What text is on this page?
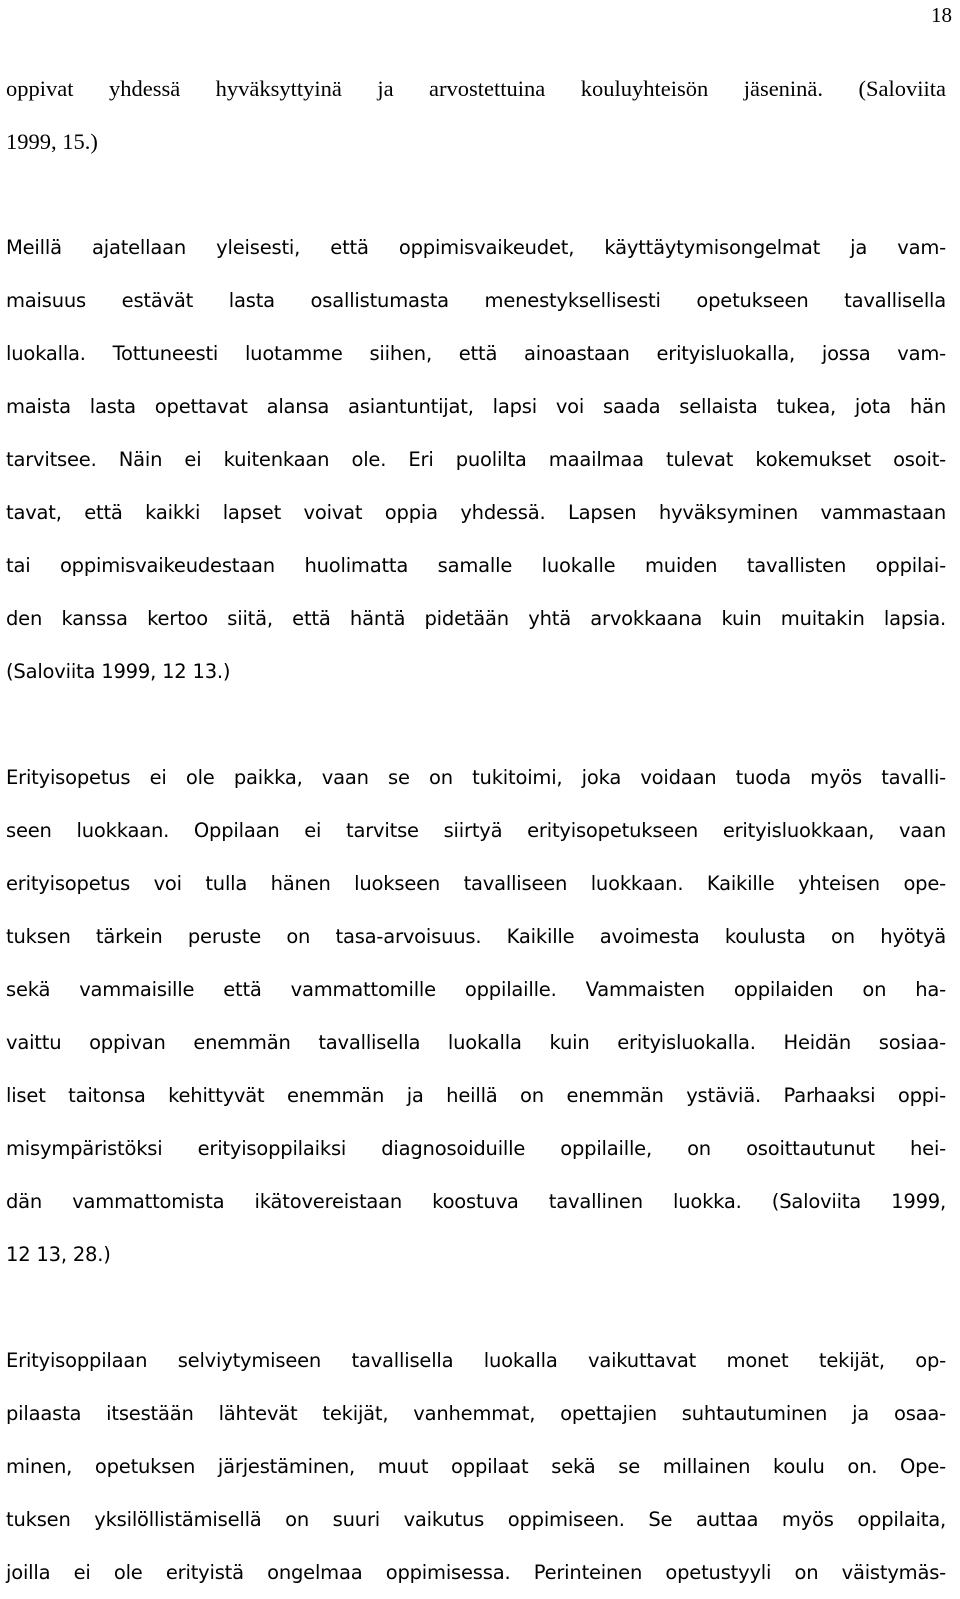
18
oppivat yhdessä hyväksyttyinä ja arvostettuina kouluyhteisön jäseninä. (Saloviita
1999, 15.)
Meillä ajatellaan yleisesti, että oppimisvaikeudet, käyttäytymisongelmat ja vam-
maisuus estävät lasta osallistumasta menestyksellisesti opetukseen tavallisella
luokalla. Tottuneesti luotamme siihen, että ainoastaan erityisluokalla, jossa vam-
maista lasta opettavat alansa asiantuntijat, lapsi voi saada sellaista tukea, jota hän
tarvitsee. Näin ei kuitenkaan ole. Eri puolilta maailmaa tulevat kokemukset osoit-
tavat, että kaikki lapset voivat oppia yhdessä. Lapsen hyväksyminen vammastaan
tai oppimisvaikeudestaan huolimatta samalle luokalle muiden tavallisten oppilai-
den kanssa kertoo siitä, että häntä pidetään yhtä arvokkaana kuin muitakin lapsia.
(Saloviita 1999, 12 13.)
Erityisopetus ei ole paikka, vaan se on tukitoimi, joka voidaan tuoda myös tavalli-
seen luokkaan. Oppilaan ei tarvitse siirtyä erityisopetukseen erityisluokkaan, vaan
erityisopetus voi tulla hänen luokseen tavalliseen luokkaan. Kaikille yhteisen ope-
tuksen tärkein peruste on tasa-arvoisuus. Kaikille avoimesta koulusta on hyötyä
sekä vammaisille että vammattomille oppilaille. Vammaisten oppilaiden on ha-
vaittu oppivan enemmän tavallisella luokalla kuin erityisluokalla. Heidän sosiaa-
liset taitonsa kehittyvät enemmän ja heillä on enemmän ystäviä. Parhaaksi oppi-
misympäristöksi erityisoppilaiksi diagnosoiduille oppilaille, on osoittautunut hei-
dän vammattomista ikätovereistaan koostuva tavallinen luokka. (Saloviita 1999,
12 13, 28.)
Erityisoppilaan selviytymiseen tavallisella luokalla vaikuttavat monet tekijät, op-
pilaasta itsestään lähtevät tekijät, vanhemmat, opettajien suhtautuminen ja osaa-
minen, opetuksen järjestäminen, muut oppilaat sekä se millainen koulu on. Ope-
tuksen yksilöllistämisellä on suuri vaikutus oppimiseen. Se auttaa myös oppilaita,
joilla ei ole erityistä ongelmaa oppimisessa. Perinteinen opetustyyli on väistymäs-
